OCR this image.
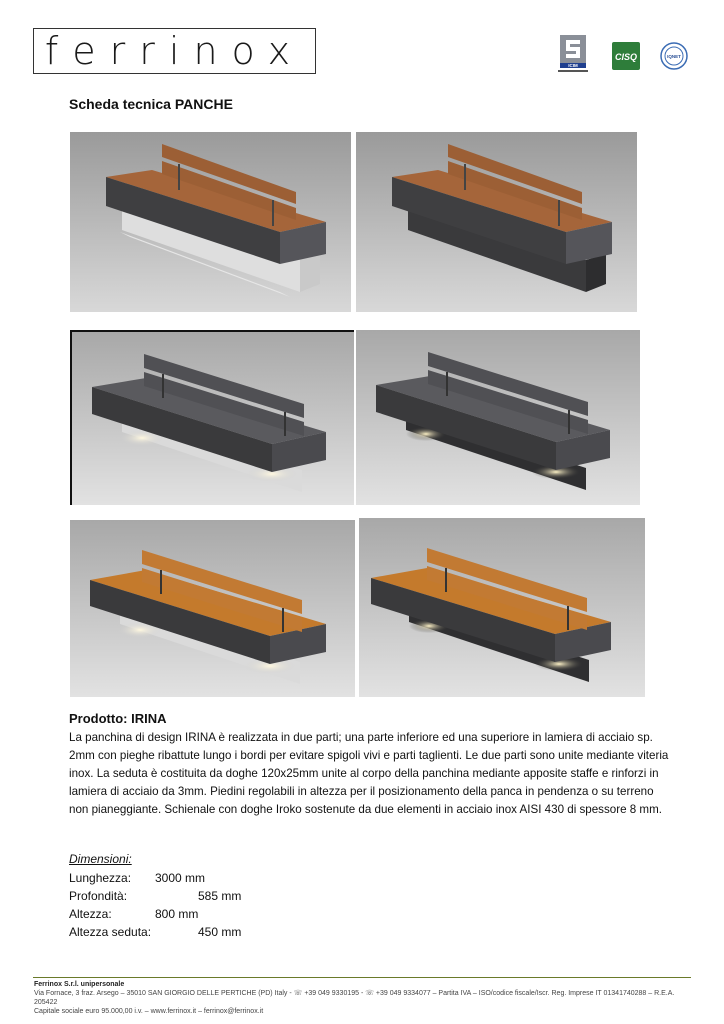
ferrinox	ICIM
CISQ	IQNET
Scheda tecnica PANCHE
Prodotto: IRINA
La panchina di design IRINA è realizzata in due parti; una parte inferiore ed una superiore in lamiera di acciaio sp. 2mm con pieghe ribattute lungo i bordi per evitare spigoli vivi e parti taglienti. Le due parti sono unite mediante viteria inox. La seduta è costituita da doghe 120x25mm unite al corpo della panchina mediante apposite staffe e rinforzi in lamiera di acciaio da 3mm. Piedini regolabili in altezza per il posizionamento della panca in pendenza o su terreno non pianeggiante. Schienale con doghe Iroko sostenute da due elementi in acciaio inox AISI 430 di spessore 8 mm.
Dimensioni:
Lunghezza: 3000 mm
Profondità:	585 mm
Altezza:	800 mm
Altezza seduta:	450 mm
Ferrinox S.r.l. unipersonale
Via Fornace, 3 fraz. Arsego – 35010 SAN GIORGIO DELLE PERTICHE (PD) Italy - ☏ +39 049 9330195 - ☏ +39 049 9334077 – Partita IVA – ISO/codice fiscale/Iscr. Reg. Imprese IT 01341740288 – R.E.A. 205422
Capitale sociale euro 95.000,00 i.v. – www.ferrinox.it – ferrinox@ferrinox.it
